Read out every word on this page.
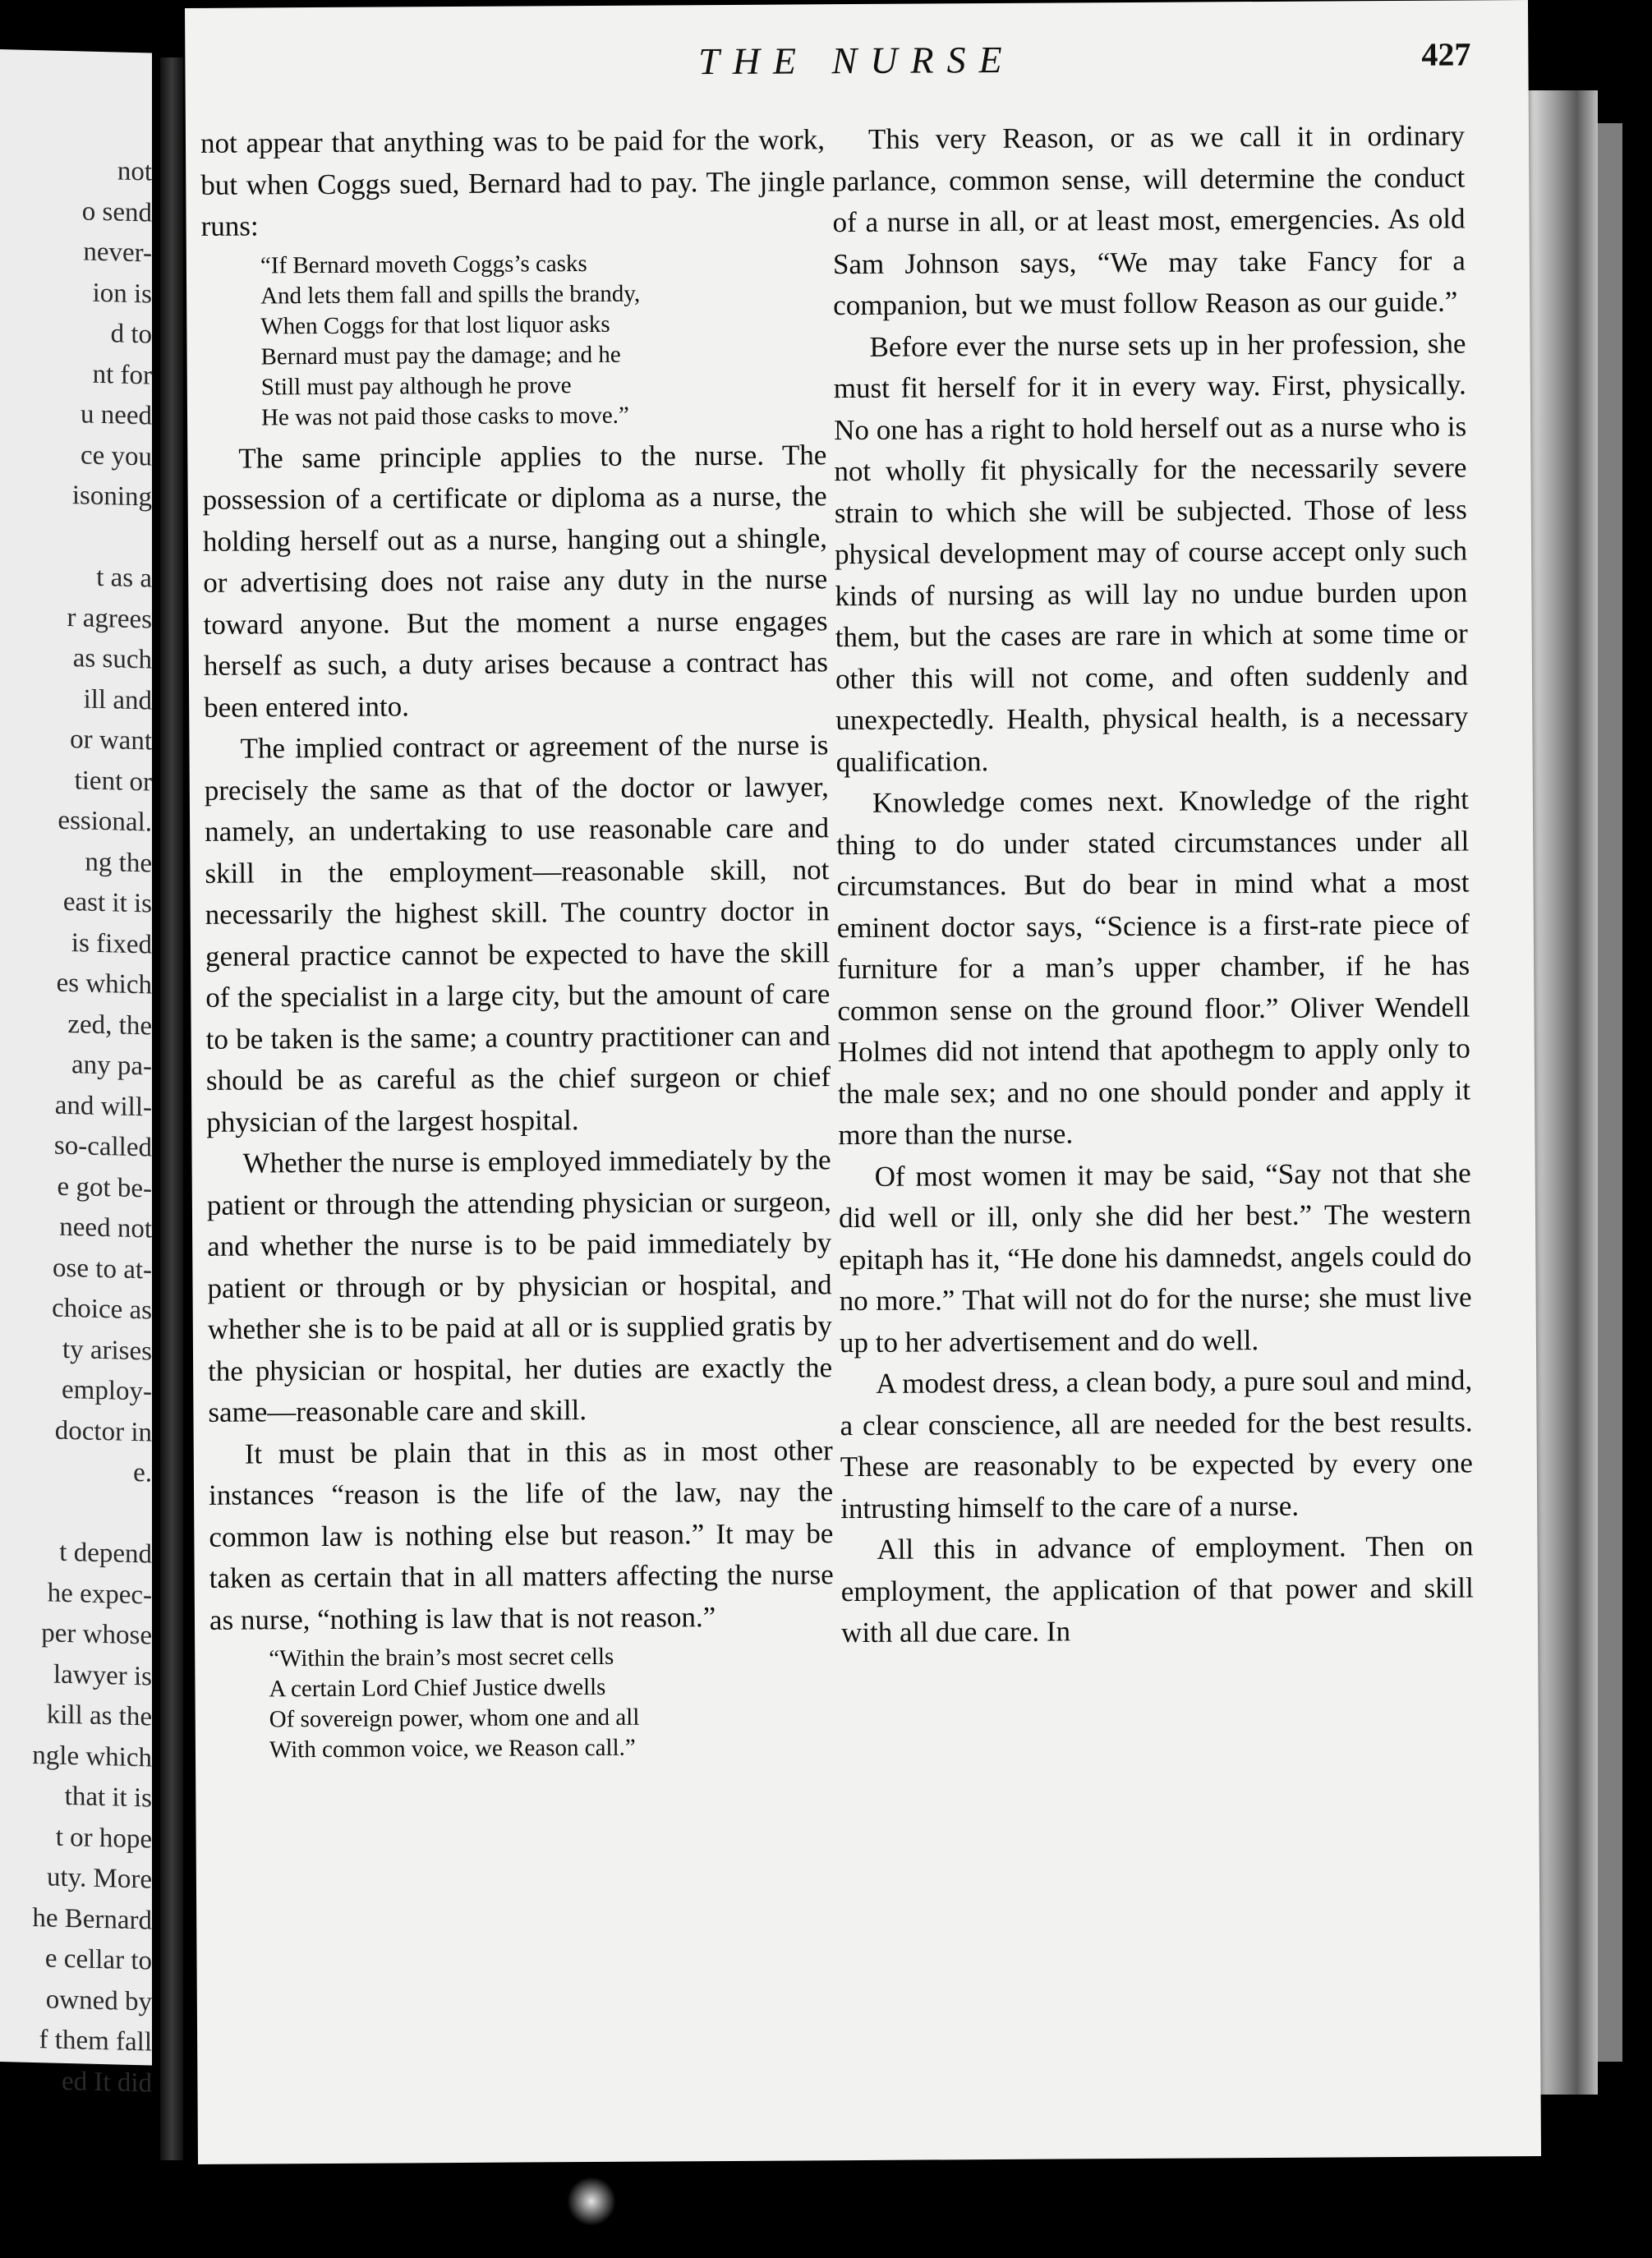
not
o send
never-
ion is
d to
nt for
u need
ce you
isoning
t as a
r agrees
as such
ill and
or want
tient or
essional.
ng the
east it is
is fixed
es which
zed, the
any pa-
and will-
so-called
e got be-
need not
ose to at-
choice as
ty arises
employ-
doctor in
e.
t depend
he expec-
per whose
lawyer is
kill as the
ngle which
that it is
t or hope
uty. More
he Bernard
e cellar to
owned by
f them fall
ed It did
THE NURSE	427

not appear that anything was to be paid for the work, but when Coggs sued, Bernard had to pay. The jingle runs:

“If Bernard moveth Coggs’s casks
And lets them fall and spills the brandy,
When Coggs for that lost liquor asks
Bernard must pay the damage; and he
Still must pay although he prove
He was not paid those casks to move.”

The same principle applies to the nurse. The possession of a certificate or diploma as a nurse, the holding herself out as a nurse, hanging out a shingle, or advertising does not raise any duty in the nurse toward anyone. But the moment a nurse engages herself as such, a duty arises because a contract has been entered into.

The implied contract or agreement of the nurse is precisely the same as that of the doctor or lawyer, namely, an undertaking to use reasonable care and skill in the employment—reasonable skill, not necessarily the highest skill. The country doctor in general practice cannot be expected to have the skill of the specialist in a large city, but the amount of care to be taken is the same; a country practitioner can and should be as careful as the chief surgeon or chief physician of the largest hospital.

Whether the nurse is employed immediately by the patient or through the attending physician or surgeon, and whether the nurse is to be paid immediately by patient or through or by physician or hospital, and whether she is to be paid at all or is supplied gratis by the physician or hospital, her duties are exactly the same—reasonable care and skill.

It must be plain that in this as in most other instances “reason is the life of the law, nay the common law is nothing else but reason.” It may be taken as certain that in all matters affecting the nurse as nurse, “nothing is law that is not reason.”

“Within the brain’s most secret cells
A certain Lord Chief Justice dwells
Of sovereign power, whom one and all
With common voice, we Reason call.”

This very Reason, or as we call it in ordinary parlance, common sense, will determine the conduct of a nurse in all, or at least most, emergencies. As old Sam Johnson says, “We may take Fancy for a companion, but we must follow Reason as our guide.”

Before ever the nurse sets up in her profession, she must fit herself for it in every way. First, physically. No one has a right to hold herself out as a nurse who is not wholly fit physically for the necessarily severe strain to which she will be subjected. Those of less physical development may of course accept only such kinds of nursing as will lay no undue burden upon them, but the cases are rare in which at some time or other this will not come, and often suddenly and unexpectedly. Health, physical health, is a necessary qualification.

Knowledge comes next. Knowledge of the right thing to do under stated circumstances under all circumstances. But do bear in mind what a most eminent doctor says, “Science is a first-rate piece of furniture for a man’s upper chamber, if he has common sense on the ground floor.” Oliver Wendell Holmes did not intend that apothegm to apply only to the male sex; and no one should ponder and apply it more than the nurse.

Of most women it may be said, “Say not that she did well or ill, only she did her best.” The western epitaph has it, “He done his damnedst, angels could do no more.” That will not do for the nurse; she must live up to her advertisement and do well.

A modest dress, a clean body, a pure soul and mind, a clear conscience, all are needed for the best results. These are reasonably to be expected by every one intrusting himself to the care of a nurse.

All this in advance of employment. Then on employment, the application of that power and skill with all due care. In
